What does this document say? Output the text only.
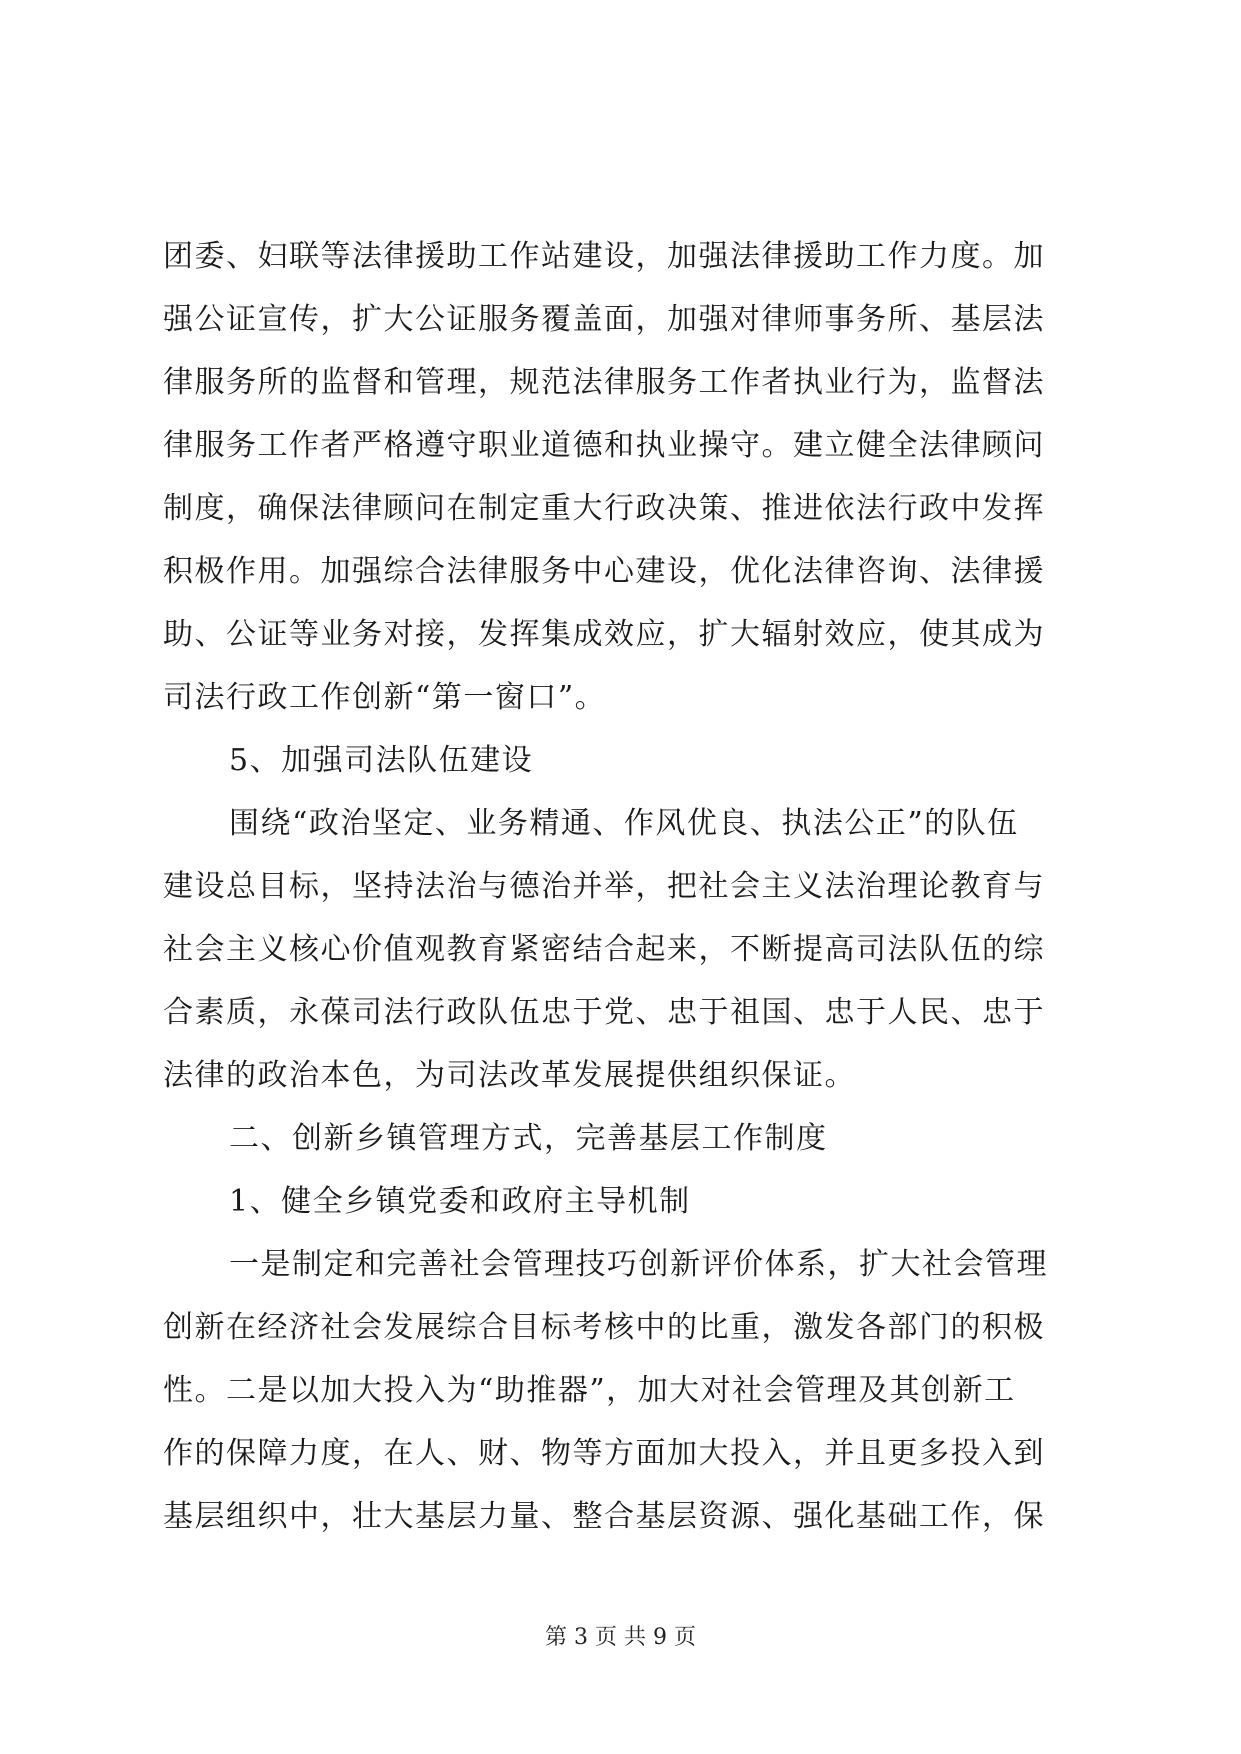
团委、妇联等法律援助工作站建设，加强法律援助工作力度。加
强公证宣传，扩大公证服务覆盖面，加强对律师事务所、基层法
律服务所的监督和管理，规范法律服务工作者执业行为，监督法
律服务工作者严格遵守职业道德和执业操守。建立健全法律顾问
制度，确保法律顾问在制定重大行政决策、推进依法行政中发挥
积极作用。加强综合法律服务中心建设，优化法律咨询、法律援
助、公证等业务对接，发挥集成效应，扩大辐射效应，使其成为
司法行政工作创新“第一窗口”。
5、加强司法队伍建设
围绕“政治坚定、业务精通、作风优良、执法公正”的队伍
建设总目标，坚持法治与德治并举，把社会主义法治理论教育与
社会主义核心价值观教育紧密结合起来，不断提高司法队伍的综
合素质，永葆司法行政队伍忠于党、忠于祖国、忠于人民、忠于
法律的政治本色，为司法改革发展提供组织保证。
二、创新乡镇管理方式，完善基层工作制度
1、健全乡镇党委和政府主导机制
一是制定和完善社会管理技巧创新评价体系，扩大社会管理
创新在经济社会发展综合目标考核中的比重，激发各部门的积极
性。二是以加大投入为“助推器”，加大对社会管理及其创新工
作的保障力度，在人、财、物等方面加大投入，并且更多投入到
基层组织中，壮大基层力量、整合基层资源、强化基础工作，保
第 3 页 共 9 页
